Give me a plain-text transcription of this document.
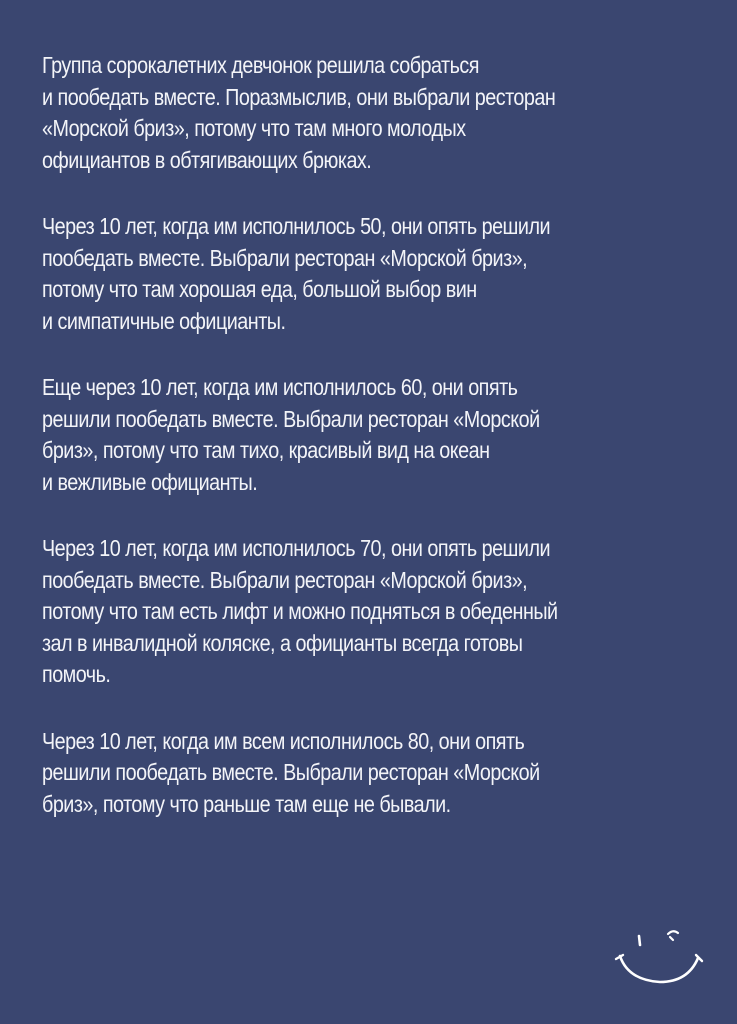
Группа сорокалетних девчонок решила собраться
и пообедать вместе. Поразмыслив, они выбрали ресторан
«Морской бриз», потому что там много молодых
официантов в обтягивающих брюках.
Через 10 лет, когда им исполнилось 50, они опять решили
пообедать вместе. Выбрали ресторан «Морской бриз»,
потому что там хорошая еда, большой выбор вин
и симпатичные официанты.
Еще через 10 лет, когда им исполнилось 60, они опять
решили пообедать вместе. Выбрали ресторан «Морской
бриз», потому что там тихо, красивый вид на океан
и вежливые официанты.
Через 10 лет, когда им исполнилось 70, они опять решили
пообедать вместе. Выбрали ресторан «Морской бриз»,
потому что там есть лифт и можно подняться в обеденный
зал в инвалидной коляске, а официанты всегда готовы
помочь.
Через 10 лет, когда им всем исполнилось 80, они опять
решили пообедать вместе. Выбрали ресторан «Морской
бриз», потому что раньше там еще не бывали.
